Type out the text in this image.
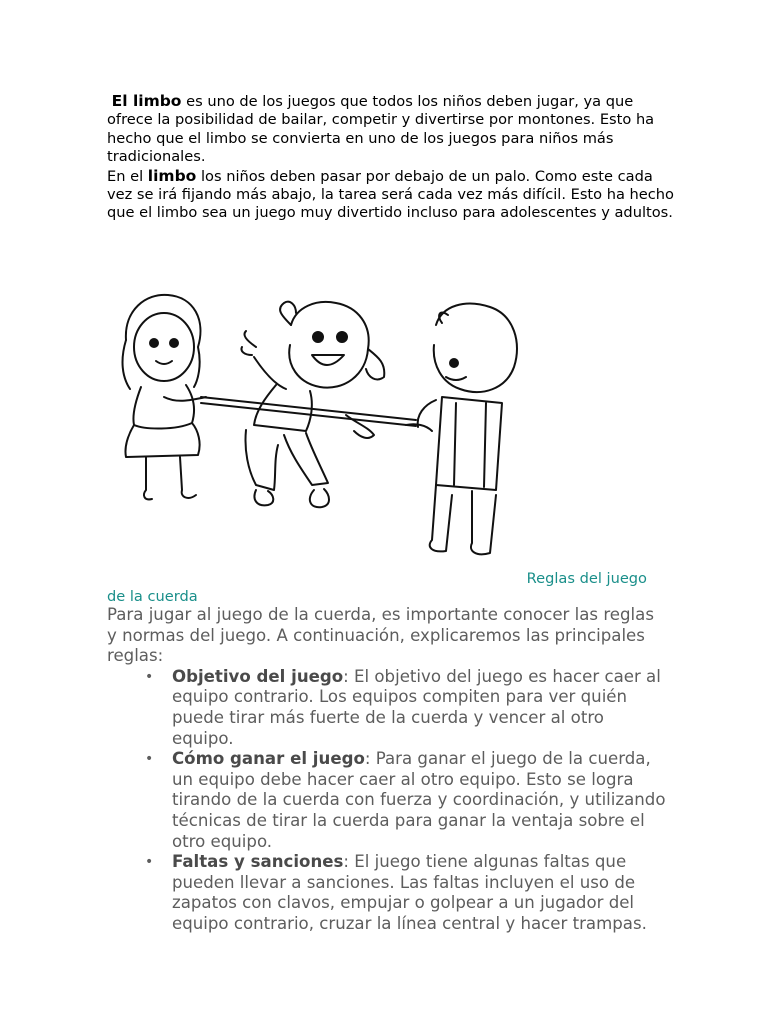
El limbo es uno de los juegos que todos los niños deben jugar, ya que ofrece la posibilidad de bailar, competir y divertirse por montones. Esto ha hecho que el limbo se convierta en uno de los juegos para niños más tradicionales.

En el limbo los niños deben pasar por debajo de un palo. Como este cada vez se irá fijando más abajo, la tarea será cada vez más difícil. Esto ha hecho que el limbo sea un juego muy divertido incluso para adolescentes y adultos.

Reglas del juego
de la cuerda

Para jugar al juego de la cuerda, es importante conocer las reglas y normas del juego. A continuación, explicaremos las principales reglas:

• Objetivo del juego: El objetivo del juego es hacer caer al equipo contrario. Los equipos compiten para ver quién puede tirar más fuerte de la cuerda y vencer al otro equipo.
• Cómo ganar el juego: Para ganar el juego de la cuerda, un equipo debe hacer caer al otro equipo. Esto se logra tirando de la cuerda con fuerza y coordinación, y utilizando técnicas de tirar la cuerda para ganar la ventaja sobre el otro equipo.
• Faltas y sanciones: El juego tiene algunas faltas que pueden llevar a sanciones. Las faltas incluyen el uso de zapatos con clavos, empujar o golpear a un jugador del equipo contrario, cruzar la línea central y hacer trampas.
